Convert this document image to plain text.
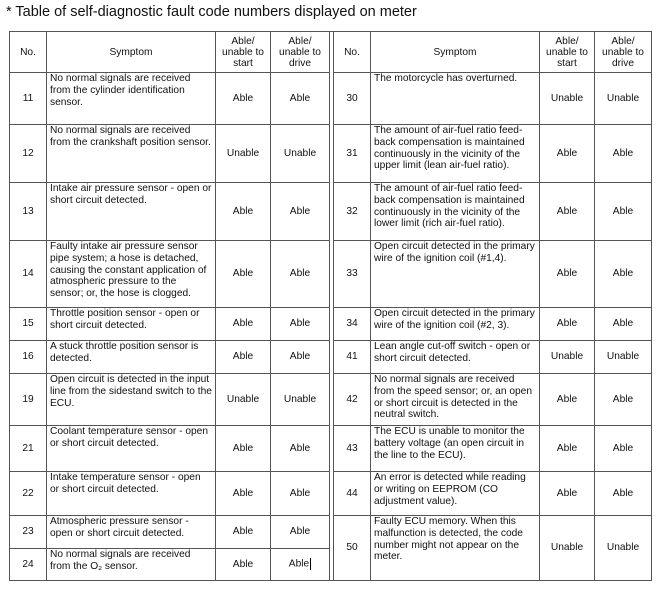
* Table of self-diagnostic fault code numbers displayed on meter
No.	Symptom	Able/ unable to start	Able/ unable to drive		No.	Symptom	Able/ unable to start	Able/ unable to drive
11	No normal signals are received from the cylinder identification sensor.	Able	Able		30	The motorcycle has overturned.	Unable	Unable
12	No normal signals are received from the crankshaft position sensor.	Unable	Unable		31	The amount of air-fuel ratio feed-back compensation is maintained continuously in the vicinity of the upper limit (lean air-fuel ratio).	Able	Able
13	Intake air pressure sensor - open or short circuit detected.	Able	Able		32	The amount of air-fuel ratio feed-back compensation is maintained continuously in the vicinity of the lower limit (rich air-fuel ratio).	Able	Able
14	Faulty intake air pressure sensor pipe system; a hose is detached, causing the constant application of atmospheric pressure to the sensor; or, the hose is clogged.	Able	Able		33	Open circuit detected in the primary wire of the ignition coil (#1,4).	Able	Able
15	Throttle position sensor - open or short circuit detected.	Able	Able		34	Open circuit detected in the primary wire of the ignition coil (#2, 3).	Able	Able
16	A stuck throttle position sensor is detected.	Able	Able		41	Lean angle cut-off switch - open or short circuit detected.	Unable	Unable
19	Open circuit is detected in the input line from the sidestand switch to the ECU.	Unable	Unable		42	No normal signals are received from the speed sensor; or, an open or short circuit is detected in the neutral switch.	Able	Able
21	Coolant temperature sensor - open or short circuit detected.	Able	Able		43	The ECU is unable to monitor the battery voltage (an open circuit in the line to the ECU).	Able	Able
22	Intake temperature sensor - open or short circuit detected.	Able	Able		44	An error is detected while reading or writing on EEPROM (CO adjustment value).	Able	Able
23	Atmospheric pressure sensor - open or short circuit detected.	Able	Able		50	Faulty ECU memory. When this malfunction is detected, the code number might not appear on the meter.	Unable	Unable
24	No normal signals are received from the O₂ sensor.	Able	Able					
